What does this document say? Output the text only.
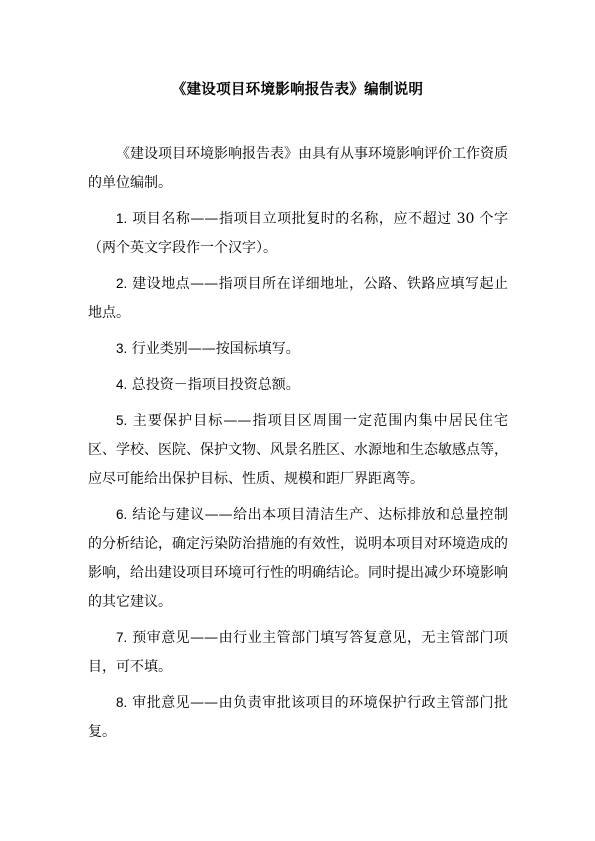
《建设项目环境影响报告表》编制说明

《建设项目环境影响报告表》由具有从事环境影响评价工作资质的单位编制。

1. 项目名称——指项目立项批复时的名称，应不超过 30 个字（两个英文字段作一个汉字）。

2. 建设地点——指项目所在详细地址，公路、铁路应填写起止地点。

3. 行业类别——按国标填写。

4. 总投资－指项目投资总额。

5. 主要保护目标——指项目区周围一定范围内集中居民住宅区、学校、医院、保护文物、风景名胜区、水源地和生态敏感点等，应尽可能给出保护目标、性质、规模和距厂界距离等。

6. 结论与建议——给出本项目清洁生产、达标排放和总量控制的分析结论，确定污染防治措施的有效性，说明本项目对环境造成的影响，给出建设项目环境可行性的明确结论。同时提出减少环境影响的其它建议。

7. 预审意见——由行业主管部门填写答复意见，无主管部门项目，可不填。

8. 审批意见——由负责审批该项目的环境保护行政主管部门批复。
